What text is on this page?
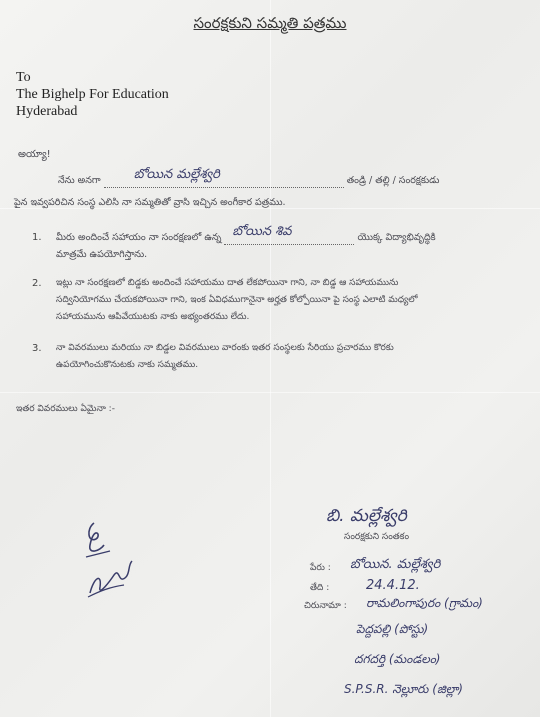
సంరక్షకుని సమ్మతి పత్రము
To
The Bighelp For Education
Hyderabad
అయ్యా!
నేను అనగా	బోయిన మల్లేశ్వరి	తండ్రి / తల్లి / సంరక్షకుడు
పైన ఇవ్వపరిచిన సంస్థ ఎలిసి నా సమ్మతితో వ్రాసి ఇచ్చిన అంగీకార పత్రము.
1. మీరు అందించే సహాయం నా సంరక్షణలో ఉన్న బోయిన శివ	యొక్క విద్యాభివృద్ధికి
మాత్రమే ఉపయోగిస్తాను.
2. ఇట్లు నా సంరక్షణలో బిడ్డకు అందించే సహాయము దాత లేకపోయినా గాని, నా బిడ్డ ఆ సహాయమును
సద్వినియోగము చేయకపోయినా గాని, ఇంక ఏవిధముగానైనా అర్హత కోల్పోయినా పై సంస్థ ఎలాటి మధ్యలో
సహాయమును ఆపివేయుటకు నాకు అభ్యంతరము లేదు.
3. నా వివరములు మరియు నా బిడ్డల వివరములు వారంకు ఇతర సంస్థలకు సేరియు ప్రచారము కొరకు
ఉపయోగించుకొనుటకు నాకు సమ్మతము.
ఇతర వివరములు ఏమైనా :-
బి. మల్లేశ్వరి
సంరక్షకుని సంతకం
పేరు : బోయిన. మల్లేశ్వరి
తేది :	24.4.12.
చిరునామా : రామలింగాపురం (గ్రామం)
పెద్దపల్లి (పోస్టు)
దగదర్తి (మండలం)
S.P.S.R. నెల్లూరు (జిల్లా)
